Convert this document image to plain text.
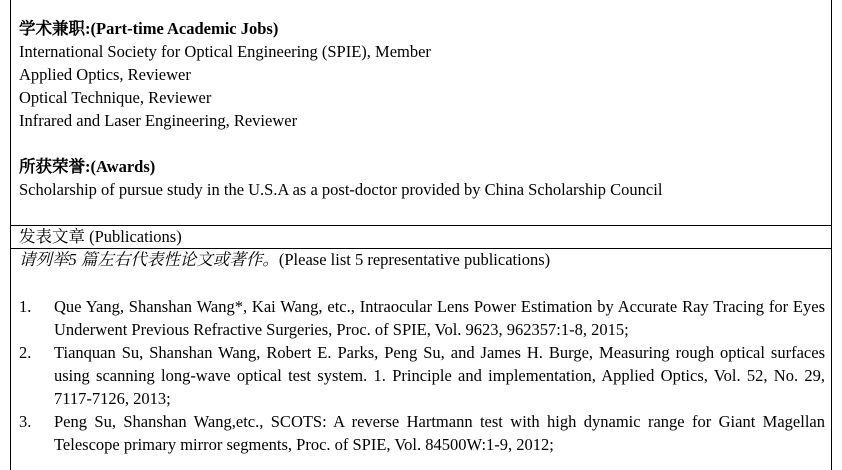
学术兼职:(Part-time Academic Jobs)
International Society for Optical Engineering (SPIE), Member
Applied Optics, Reviewer
Optical Technique, Reviewer
Infrared and Laser Engineering, Reviewer
所获荣誉:(Awards)
Scholarship of pursue study in the U.S.A as a post-doctor provided by China Scholarship Council
发表文章 (Publications)
请列举5 篇左右代表性论文或著作。(Please list 5 representative publications)
1.	Que Yang, Shanshan Wang*, Kai Wang, etc., Intraocular Lens Power Estimation by Accurate Ray Tracing for Eyes Underwent Previous Refractive Surgeries, Proc. of SPIE, Vol. 9623, 962357:1-8, 2015;
2.	Tianquan Su, Shanshan Wang, Robert E. Parks, Peng Su, and James H. Burge, Measuring rough optical surfaces using scanning long-wave optical test system. 1. Principle and implementation, Applied Optics, Vol. 52, No. 29, 7117-7126, 2013;
3.	Peng Su, Shanshan Wang,etc., SCOTS: A reverse Hartmann test with high dynamic range for Giant Magellan Telescope primary mirror segments, Proc. of SPIE, Vol. 84500W:1-9, 2012;
